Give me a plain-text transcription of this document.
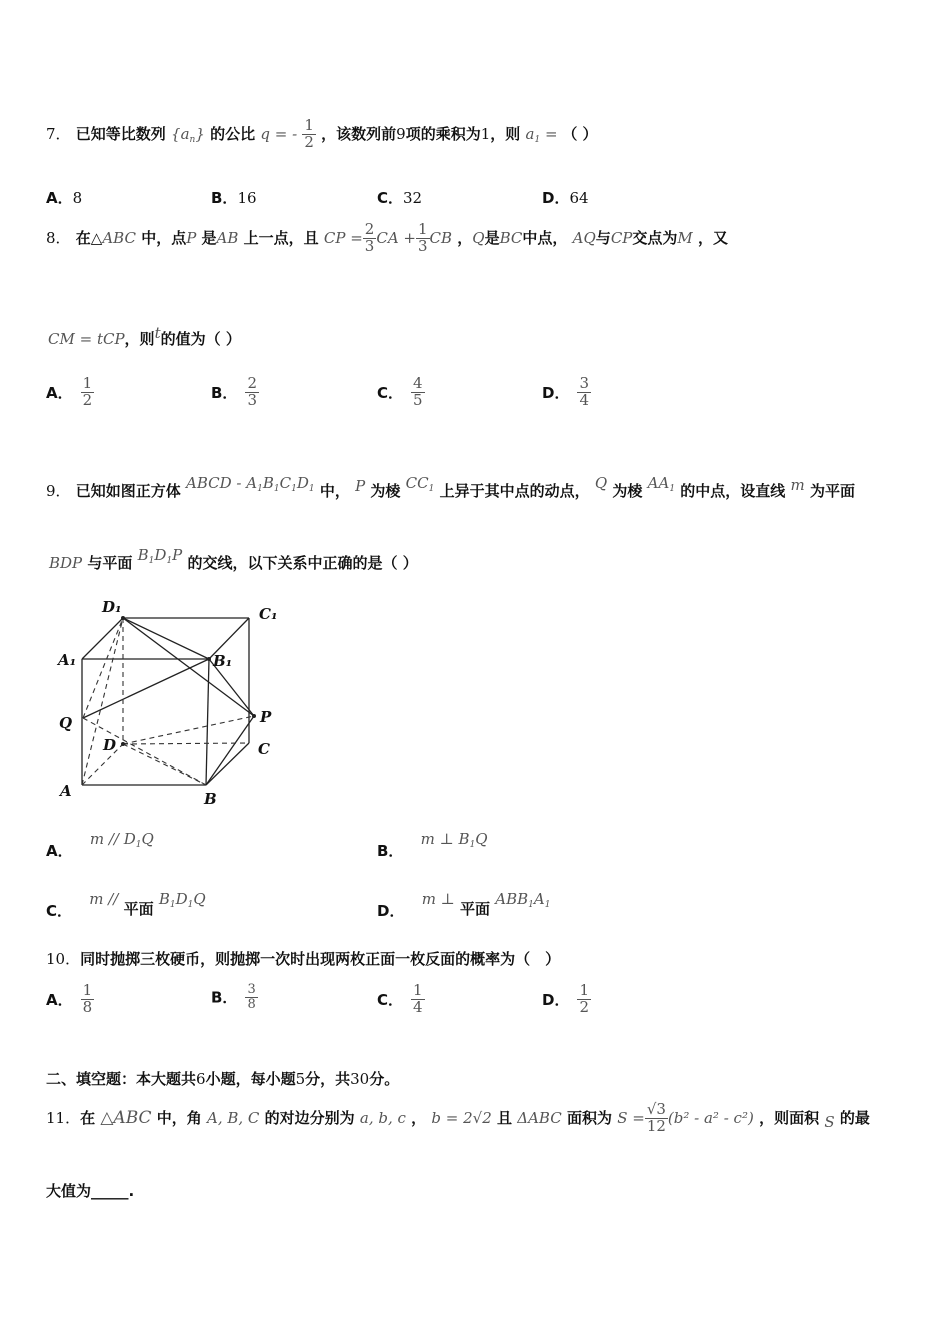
7． 已知等比数列 $\{a_n\}$ 的公比 q = - $\frac{1}{2}$ ，该数列前9项的乘积为1，则 $a_1$ = （ ）
A．8	B．16	C．32	D．64
8． 在△ABC 中，点P 是AB 上一点，且 CP = $\frac{2}{3}$ CA + $\frac{1}{3}$ CB ，Q是BC中点， AQ与CP交点为M ，又
CM = tCP，则t的值为（ ）
A． $\frac{1}{2}$	B． $\frac{2}{3}$	C． $\frac{4}{5}$	D． $\frac{3}{4}$
9． 已知如图正方体 ABCD - $A_1B_1C_1D_1$ 中， P 为棱 $CC_1$ 上异于其中点的动点， Q 为棱 $AA_1$ 的中点，设直线 m 为平面
BDP 与平面 $B_1D_1P$ 的交线，以下关系中正确的是（ ）
D₁	C₁
A₁	B₁
Q	P
D	C
A	B
A． m // $D_1Q$
B． m ⊥ $B_1Q$
C． m // 平面 $B_1D_1Q$
D． m ⊥ 平面 $ABB_1A_1$
10．同时抛掷三枚硬币，则抛掷一次时出现两枚正面一枚反面的概率为（　）
A． $\frac{1}{8}$	B． $\frac{3}{8}$	C． $\frac{1}{4}$	D． $\frac{1}{2}$
二、填空题：本大题共6小题，每小题5分，共30分。
11．在 △ABC 中，角 A, B, C 的对边分别为 a, b, c ， b = 2√2 且 ΔABC 面积为 $S = \frac{√3}{12} (b^2 - a^2 - c^2)$ ，则面积 S 的最
大值为_____.
